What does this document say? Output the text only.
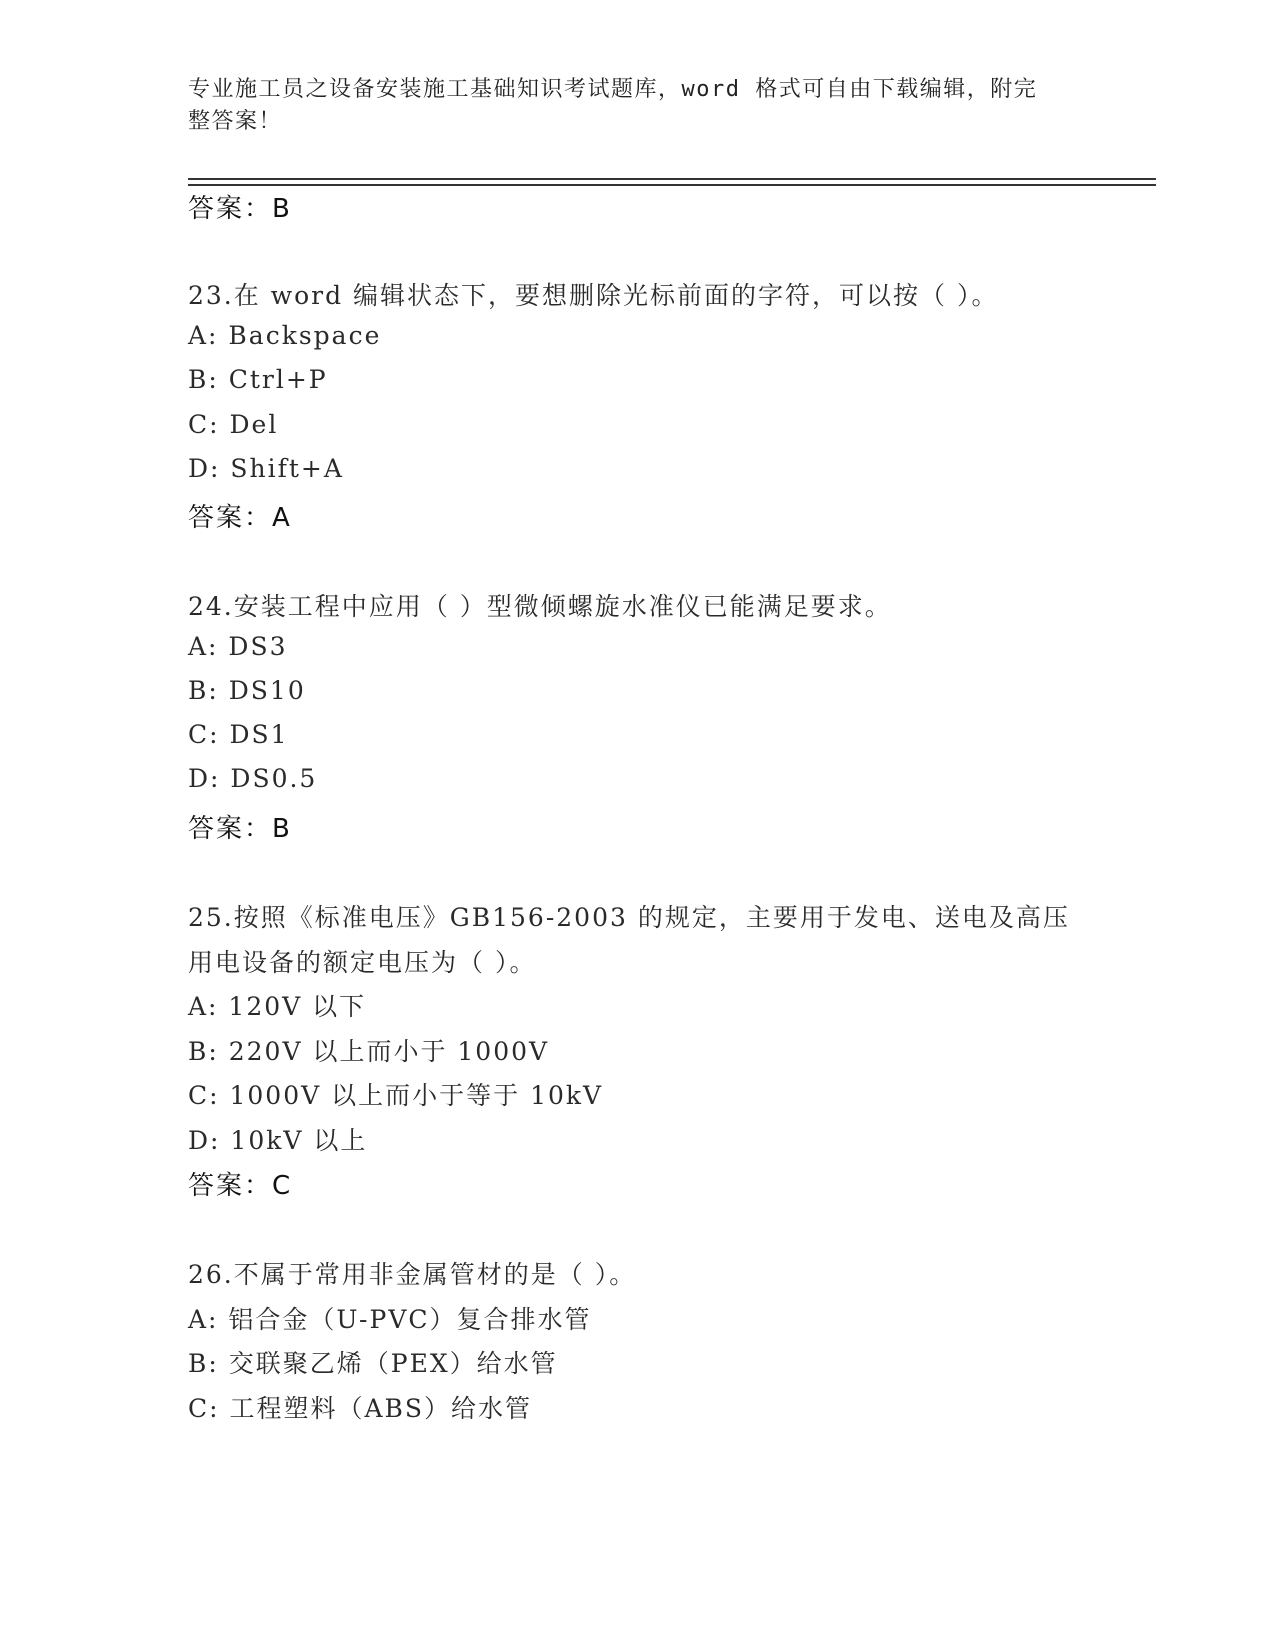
专业施工员之设备安装施工基础知识考试题库，word 格式可自由下载编辑，附完
整答案！
答案：B
23.在 word 编辑状态下，要想删除光标前面的字符，可以按（ ）。
A: Backspace
B: Ctrl+P
C: Del
D: Shift+A
答案：A
24.安装工程中应用（ ）型微倾螺旋水准仪已能满足要求。
A: DS3
B: DS10
C: DS1
D: DS0.5
答案：B
25.按照《标准电压》GB156-2003 的规定，主要用于发电、送电及高压
用电设备的额定电压为（ ）。
A: 120V 以下
B: 220V 以上而小于 1000V
C: 1000V 以上而小于等于 10kV
D: 10kV 以上
答案：C
26.不属于常用非金属管材的是（ ）。
A: 铝合金（U-PVC）复合排水管
B: 交联聚乙烯（PEX）给水管
C: 工程塑料（ABS）给水管
